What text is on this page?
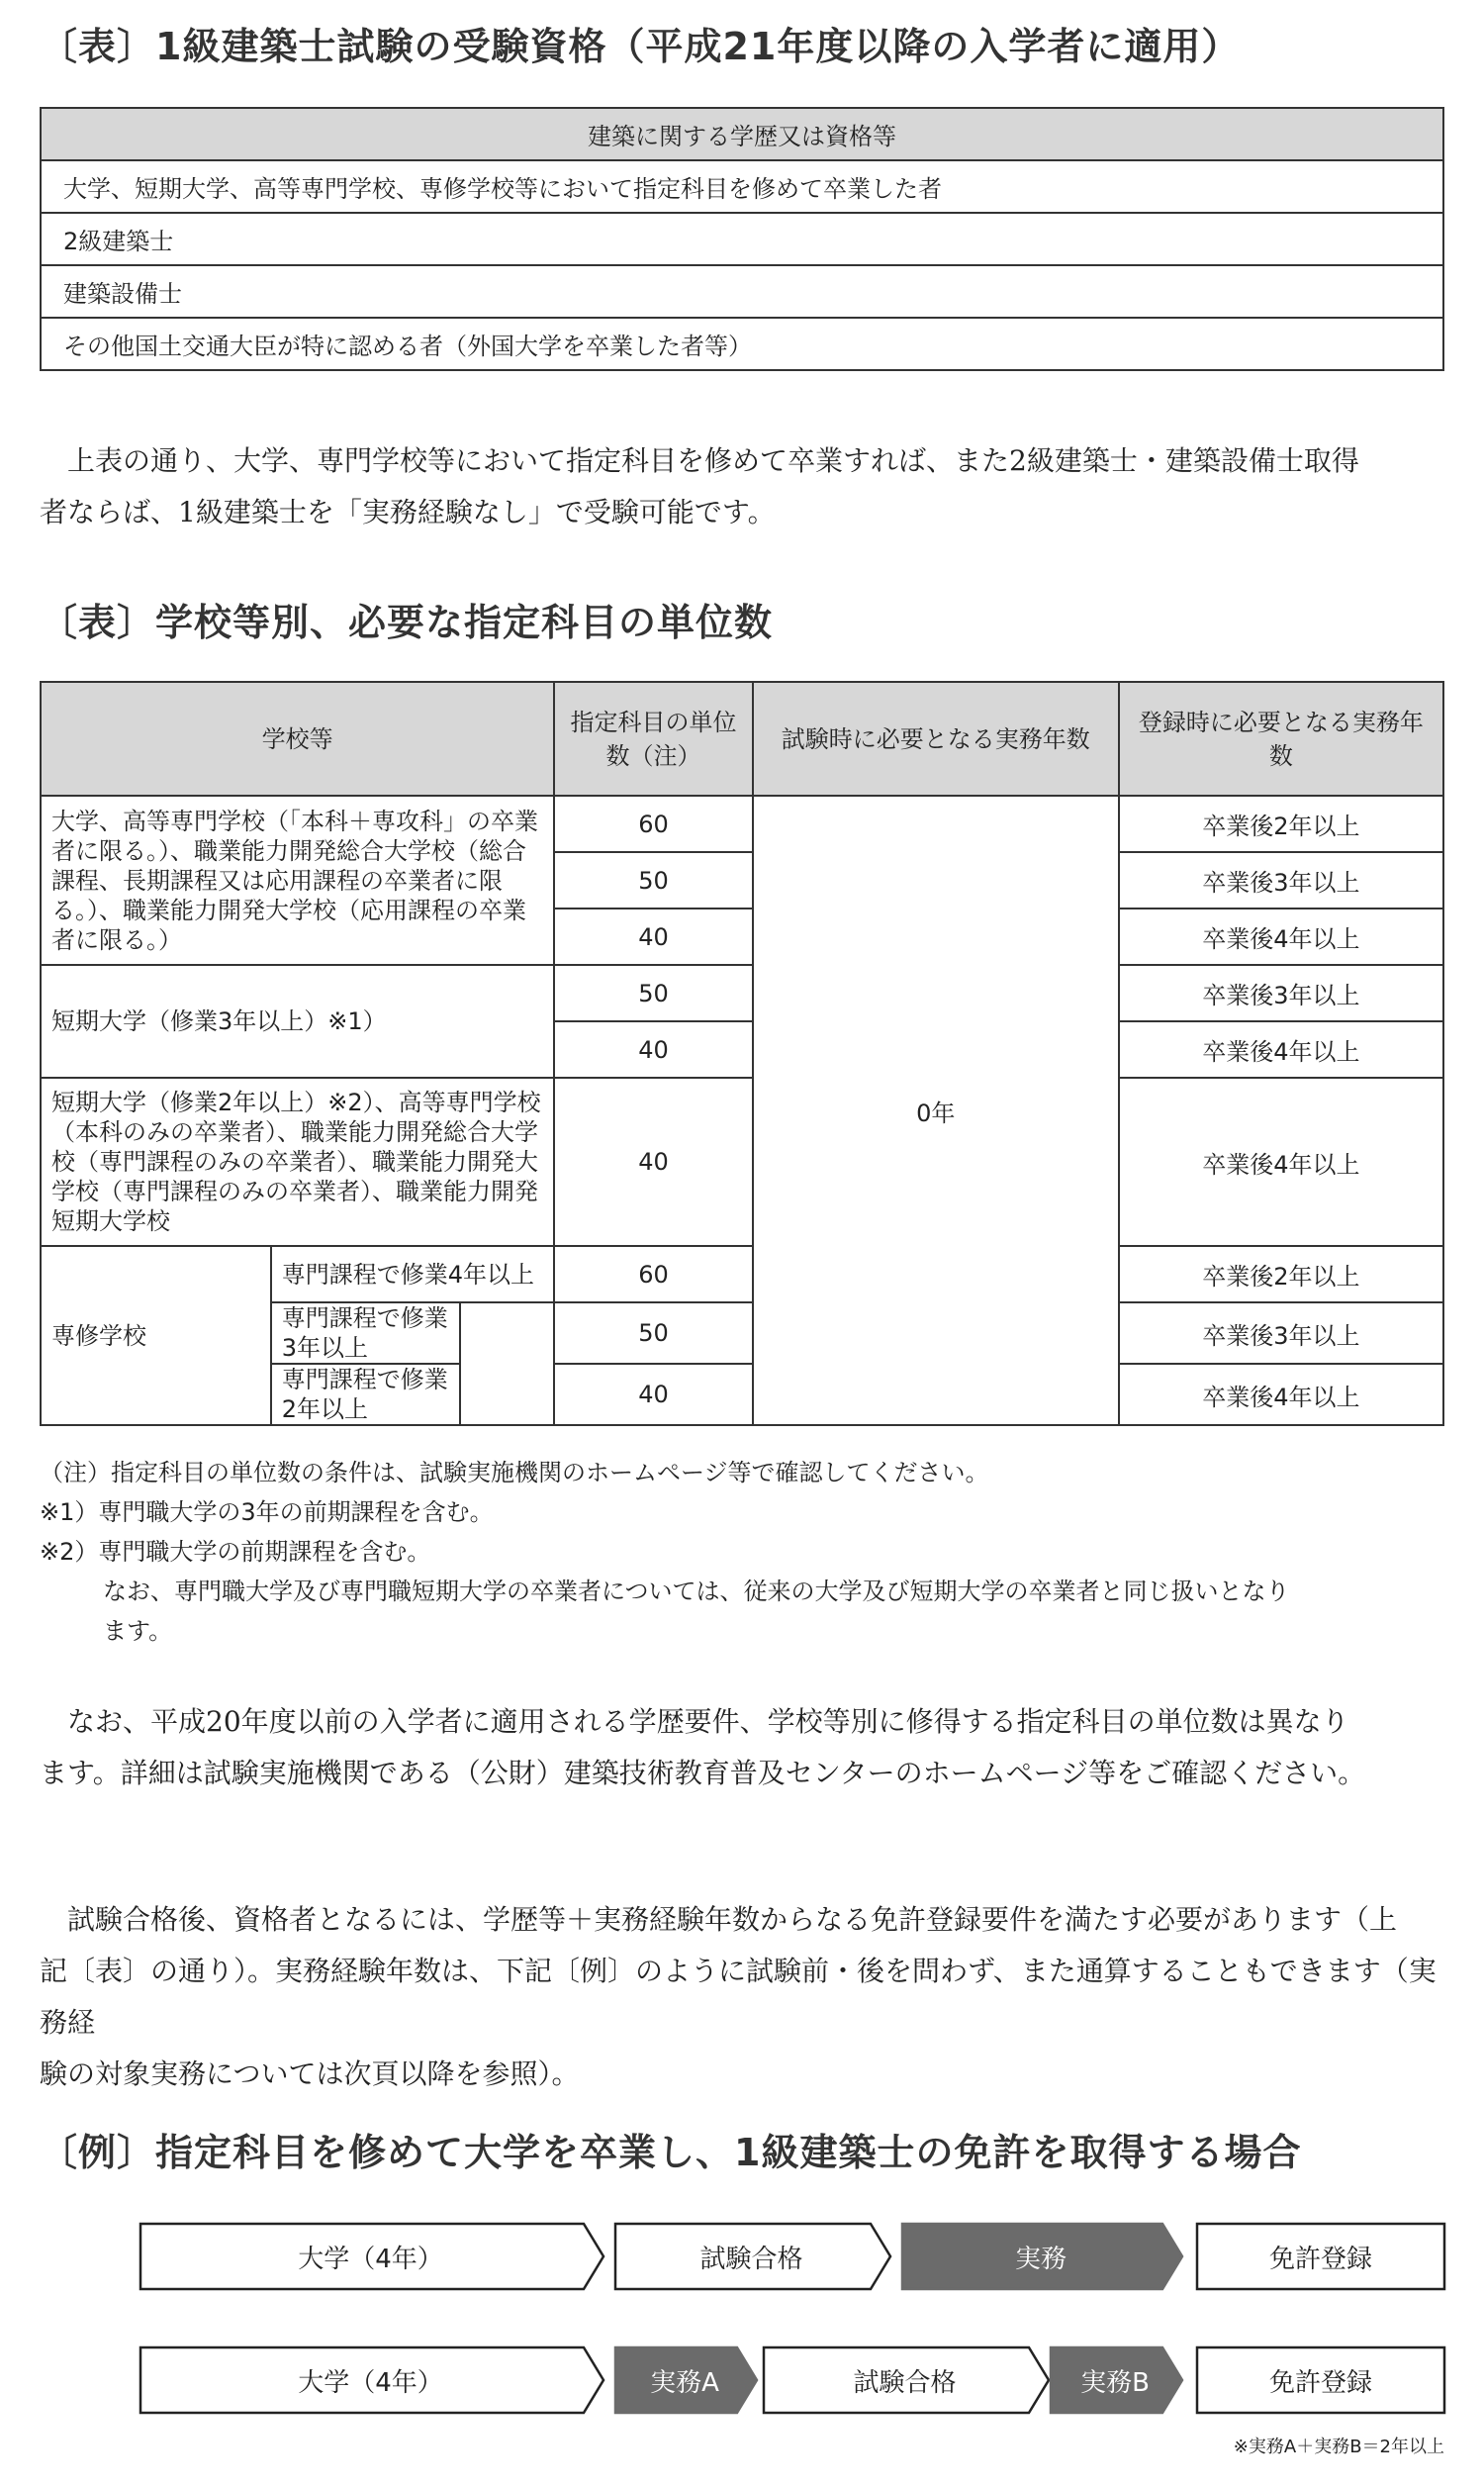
〔表〕1級建築士試験の受験資格（平成21年度以降の入学者に適用）
建築に関する学歴又は資格等
大学、短期大学、高等専門学校、専修学校等において指定科目を修めて卒業した者
2級建築士
建築設備士
その他国土交通大臣が特に認める者（外国大学を卒業した者等）

上表の通り、大学、専門学校等において指定科目を修めて卒業すれば、また2級建築士・建築設備士取得

者ならば、1級建築士を「実務経験なし」で受験可能です。
〔表〕学校等別、必要な指定科目の単位数
学校等			指定科目の単位数（注）	試験時に必要となる実務年数	登録時に必要となる実務年数
大学、高等専門学校（「本科＋専攻科」の卒業者に限る。）、職業能力開発総合大学校（総合課程、長期課程又は応用課程の卒業者に限る。）、職業能力開発大学校（応用課程の卒業者に限る。）			60	0年	卒業後2年以上
			50		卒業後3年以上
			40		卒業後4年以上
短期大学（修業3年以上）※1）			50		卒業後3年以上
			40		卒業後4年以上
短期大学（修業2年以上）※2）、高等専門学校（本科のみの卒業者）、職業能力開発総合大学校（専門課程のみの卒業者）、職業能力開発大学校（専門課程のみの卒業者）、職業能力開発短期大学校			40		卒業後4年以上
専修学校	専門課程で修業4年以上		60		卒業後2年以上
	専門課程で修業3年以上		50		卒業後3年以上
	専門課程で修業2年以上		40		卒業後4年以上
（注）指定科目の単位数の条件は、試験実施機関のホームページ等で確認してください。
※1）専門職大学の3年の前期課程を含む。
※2）専門職大学の前期課程を含む。
なお、専門職大学及び専門職短期大学の卒業者については、従来の大学及び短期大学の卒業者と同じ扱いとなり
ます。

なお、平成20年度以前の入学者に適用される学歴要件、学校等別に修得する指定科目の単位数は異なり

ます。詳細は試験実施機関である（公財）建築技術教育普及センターのホームページ等をご確認ください。

試験合格後、資格者となるには、学歴等＋実務経験年数からなる免許登録要件を満たす必要があります（上

記〔表〕の通り）。実務経験年数は、下記〔例〕のように試験前・後を問わず、また通算することもできます（実務経
験の対象実務については次頁以降を参照）。
〔例〕指定科目を修めて大学を卒業し、1級建築士の免許を取得する場合
大学（4年）	試験合格	実務	免許登録
大学（4年）	実務A	試験合格	実務B	免許登録
※実務A＋実務B＝2年以上
